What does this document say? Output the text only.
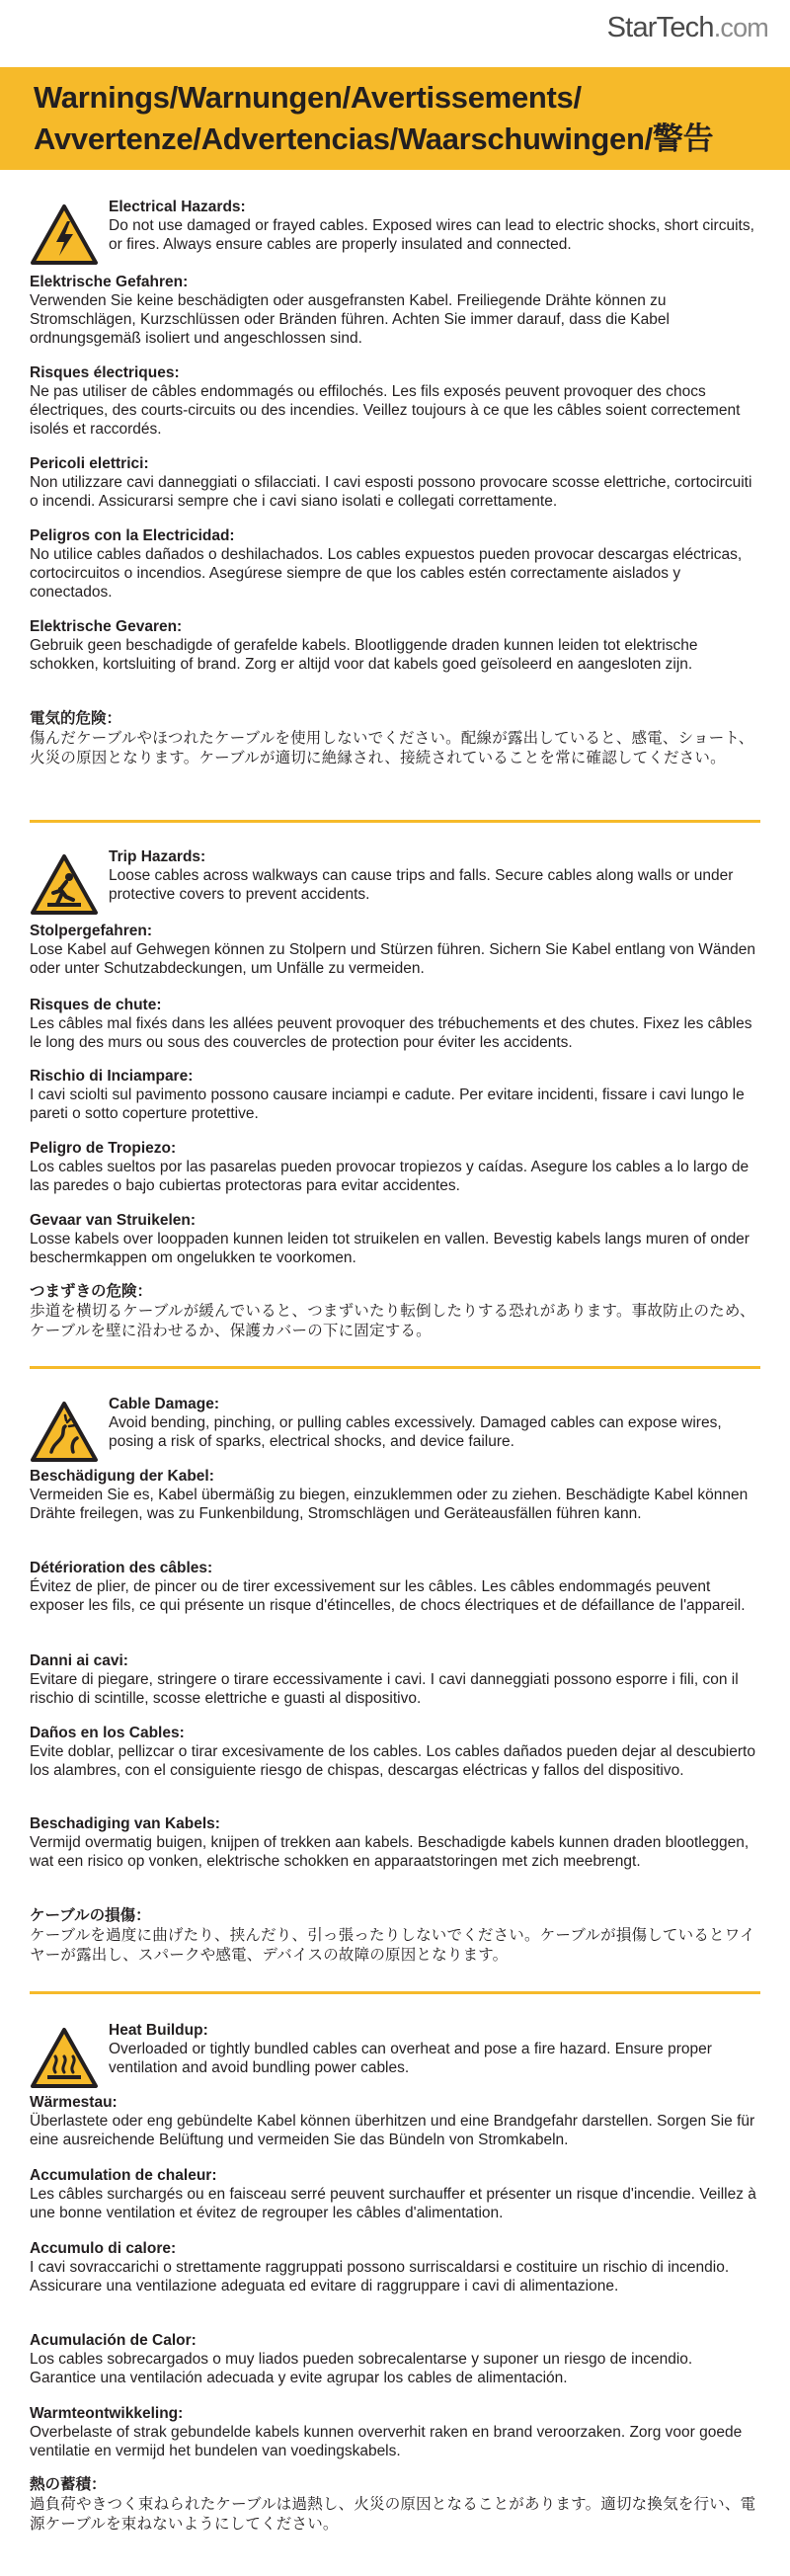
StarTech.com
Warnings/Warnungen/Avertissements/
Avvertenze/Advertencias/Waarschuwingen/警告
Electrical Hazards:
Do not use damaged or frayed cables. Exposed wires can lead to electric shocks, short circuits, or fires. Always ensure cables are properly insulated and connected.
Elektrische Gefahren:
Verwenden Sie keine beschädigten oder ausgefransten Kabel. Freiliegende Drähte können zu Stromschlägen, Kurzschlüssen oder Bränden führen. Achten Sie immer darauf, dass die Kabel ordnungsgemäß isoliert und angeschlossen sind.
Risques électriques:
Ne pas utiliser de câbles endommagés ou effilochés. Les fils exposés peuvent provoquer des chocs électriques, des courts-circuits ou des incendies. Veillez toujours à ce que les câbles soient correctement isolés et raccordés.
Pericoli elettrici:
Non utilizzare cavi danneggiati o sfilacciati. I cavi esposti possono provocare scosse elettriche, cortocircuiti o incendi. Assicurarsi sempre che i cavi siano isolati e collegati correttamente.
Peligros con la Electricidad:
No utilice cables dañados o deshilachados. Los cables expuestos pueden provocar descargas eléctricas, cortocircuitos o incendios. Asegúrese siempre de que los cables estén correctamente aislados y conectados.
Elektrische Gevaren:
Gebruik geen beschadigde of gerafelde kabels. Blootliggende draden kunnen leiden tot elektrische schokken, kortsluiting of brand. Zorg er altijd voor dat kabels goed geïsoleerd en aangesloten zijn.
電気的危険：
傷んだケーブルやほつれたケーブルを使用しないでください。配線が露出していると、感電、ショート、火災の原因となります。ケーブルが適切に絶縁され、接続されていることを常に確認してください。
Trip Hazards:
Loose cables across walkways can cause trips and falls. Secure cables along walls or under protective covers to prevent accidents.
Stolpergefahren:
Lose Kabel auf Gehwegen können zu Stolpern und Stürzen führen. Sichern Sie Kabel entlang von Wänden oder unter Schutzabdeckungen, um Unfälle zu vermeiden.
Risques de chute:
Les câbles mal fixés dans les allées peuvent provoquer des trébuchements et des chutes. Fixez les câbles le long des murs ou sous des couvercles de protection pour éviter les accidents.
Rischio di Inciampare:
I cavi sciolti sul pavimento possono causare inciampi e cadute. Per evitare incidenti, fissare i cavi lungo le pareti o sotto coperture protettive.
Peligro de Tropiezo:
Los cables sueltos por las pasarelas pueden provocar tropiezos y caídas. Asegure los cables a lo largo de las paredes o bajo cubiertas protectoras para evitar accidentes.
Gevaar van Struikelen:
Losse kabels over looppaden kunnen leiden tot struikelen en vallen. Bevestig kabels langs muren of onder beschermkappen om ongelukken te voorkomen.
つまずきの危険：
歩道を横切るケーブルが緩んでいると、つまずいたり転倒したりする恐れがあります。事故防止のため、ケーブルを壁に沿わせるか、保護カバーの下に固定する。
Cable Damage:
Avoid bending, pinching, or pulling cables excessively. Damaged cables can expose wires, posing a risk of sparks, electrical shocks, and device failure.
Beschädigung der Kabel:
Vermeiden Sie es, Kabel übermäßig zu biegen, einzuklemmen oder zu ziehen. Beschädigte Kabel können Drähte freilegen, was zu Funkenbildung, Stromschlägen und Geräteausfällen führen kann.
Détérioration des câbles:
Évitez de plier, de pincer ou de tirer excessivement sur les câbles. Les câbles endommagés peuvent exposer les fils, ce qui présente un risque d'étincelles, de chocs électriques et de défaillance de l'appareil.
Danni ai cavi:
Evitare di piegare, stringere o tirare eccessivamente i cavi. I cavi danneggiati possono esporre i fili, con il rischio di scintille, scosse elettriche e guasti al dispositivo.
Daños en los Cables:
Evite doblar, pellizcar o tirar excesivamente de los cables. Los cables dañados pueden dejar al descubierto los alambres, con el consiguiente riesgo de chispas, descargas eléctricas y fallos del dispositivo.
Beschadiging van Kabels:
Vermijd overmatig buigen, knijpen of trekken aan kabels. Beschadigde kabels kunnen draden blootleggen, wat een risico op vonken, elektrische schokken en apparaatstoringen met zich meebrengt.
ケーブルの損傷：
ケーブルを過度に曲げたり、挟んだり、引っ張ったりしないでください。ケーブルが損傷しているとワイヤーが露出し、スパークや感電、デバイスの故障の原因となります。
Heat Buildup:
Overloaded or tightly bundled cables can overheat and pose a fire hazard. Ensure proper ventilation and avoid bundling power cables.
Wärmestau:
Überlastete oder eng gebündelte Kabel können überhitzen und eine Brandgefahr darstellen. Sorgen Sie für eine ausreichende Belüftung und vermeiden Sie das Bündeln von Stromkabeln.
Accumulation de chaleur:
Les câbles surchargés ou en faisceau serré peuvent surchauffer et présenter un risque d'incendie. Veillez à une bonne ventilation et évitez de regrouper les câbles d'alimentation.
Accumulo di calore:
I cavi sovraccarichi o strettamente raggruppati possono surriscaldarsi e costituire un rischio di incendio. Assicurare una ventilazione adeguata ed evitare di raggruppare i cavi di alimentazione.
Acumulación de Calor:
Los cables sobrecargados o muy liados pueden sobrecalentarse y suponer un riesgo de incendio. Garantice una ventilación adecuada y evite agrupar los cables de alimentación.
Warmteontwikkeling:
Overbelaste of strak gebundelde kabels kunnen oververhit raken en brand veroorzaken. Zorg voor goede ventilatie en vermijd het bundelen van voedingskabels.
熱の蓄積：
過負荷やきつく束ねられたケーブルは過熱し、火災の原因となることがあります。適切な換気を行い、電源ケーブルを束ねないようにしてください。
